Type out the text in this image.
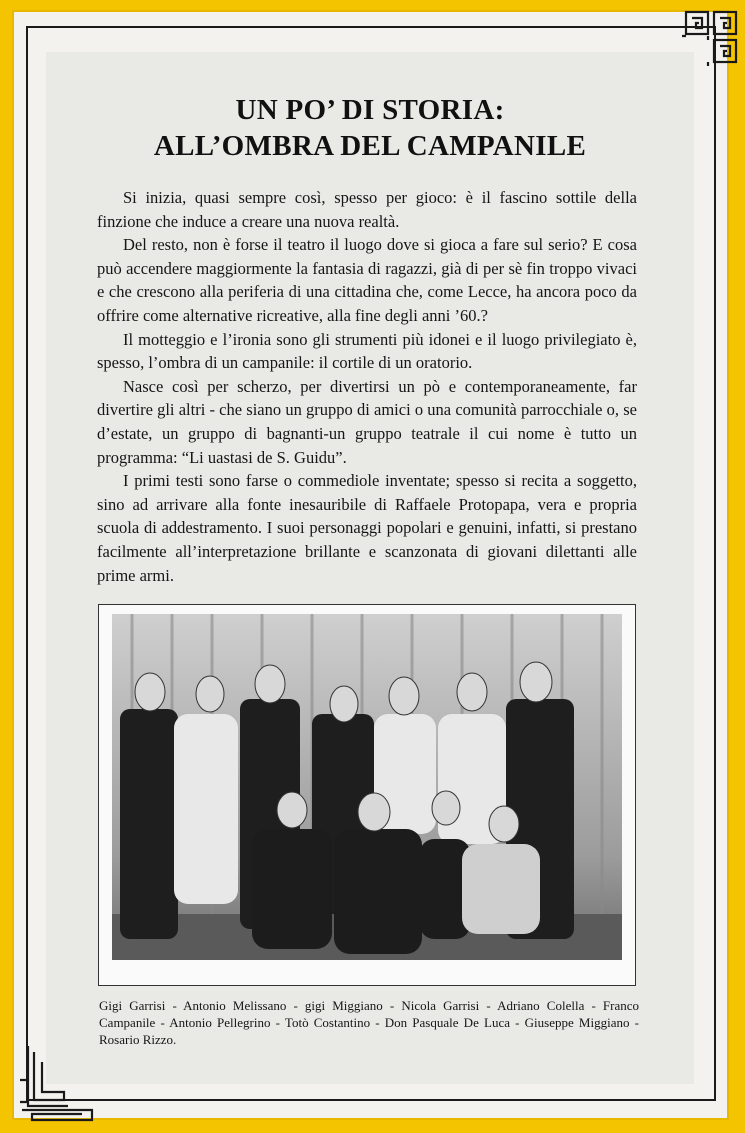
UN PO’ DI STORIA:
ALL’OMBRA DEL CAMPANILE

Si inizia, quasi sempre così, spesso per gioco: è il fascino sottile della finzione che induce a creare una nuova realtà.

Del resto, non è forse il teatro il luogo dove si gioca a fare sul serio? E cosa può accendere maggiormente la fantasia di ragazzi, già di per sè fin troppo vivaci e che crescono alla periferia di una cittadina che, come Lecce, ha ancora poco da offrire come alternative ricreative, alla fine degli anni ’60.?

Il motteggio e l’ironia sono gli strumenti più idonei e il luogo privilegiato è, spesso, l’ombra di un campanile: il cortile di un oratorio.

Nasce così per scherzo, per divertirsi un pò e contemporaneamente, far divertire gli altri - che siano un gruppo di amici o una comunità parrocchiale o, se d’estate, un gruppo di bagnanti-un gruppo teatrale il cui nome è tutto un programma: “Li uastasi de S. Guidu”.

I primi testi sono farse o commediole inventate; spesso si recita a soggetto, sino ad arrivare alla fonte inesauribile di Raffaele Protopapa, vera e propria scuola di addestramento. I suoi personaggi popolari e genuini, infatti, si prestano facilmente all’interpretazione brillante e scanzonata di giovani dilettanti alle prime armi.

Gigi Garrisi - Antonio Melissano - gigi Miggiano - Nicola Garrisi - Adriano Colella - Franco Campanile - Antonio Pellegrino - Totò Costantino - Don Pasquale De Luca - Giuseppe Miggiano - Rosario Rizzo.
